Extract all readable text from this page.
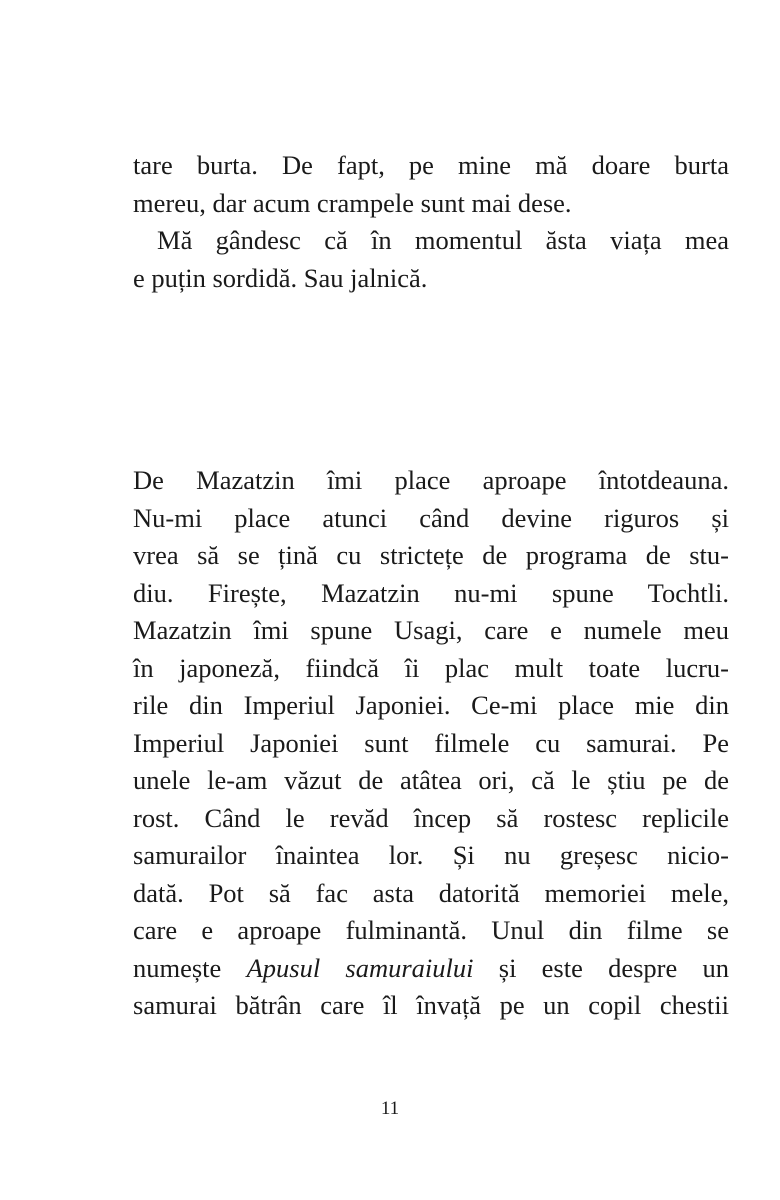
tare burta. De fapt, pe mine mă doare burta
mereu, dar acum crampele sunt mai dese.
Mă gândesc că în momentul ăsta viața mea
e puțin sordidă. Sau jalnică.
De Mazatzin îmi place aproape întotdeauna.
Nu-mi place atunci când devine riguros și
vrea să se țină cu strictețe de programa de stu-
diu. Firește, Mazatzin nu-mi spune Tochtli.
Mazatzin îmi spune Usagi, care e numele meu
în japoneză, fiindcă îi plac mult toate lucru-
rile din Imperiul Japoniei. Ce-mi place mie din
Imperiul Japoniei sunt filmele cu samurai. Pe
unele le-am văzut de atâtea ori, că le știu pe de
rost. Când le revăd încep să rostesc replicile
samurailor înaintea lor. Și nu greșesc nicio-
dată. Pot să fac asta datorită memoriei mele,
care e aproape fulminantă. Unul din filme se
numește Apusul samuraiului și este despre un
samurai bătrân care îl învață pe un copil chestii
11
